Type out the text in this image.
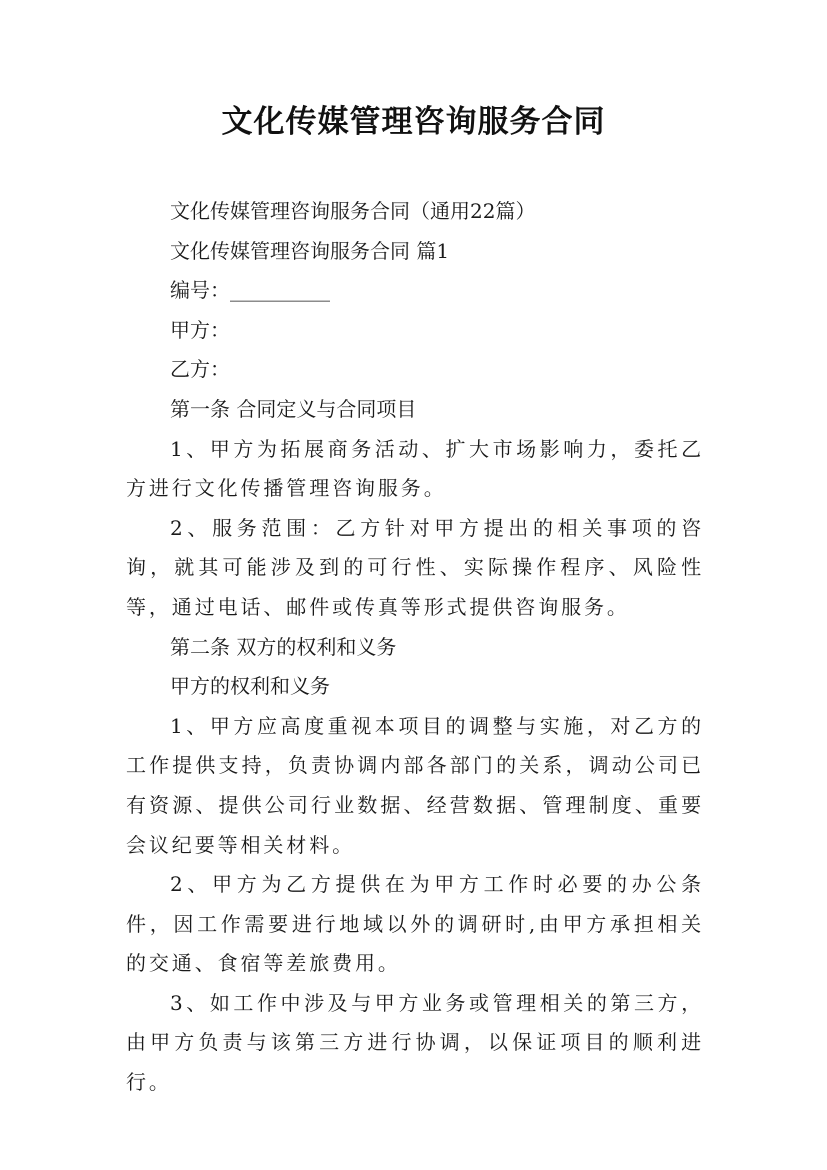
文化传媒管理咨询服务合同

文化传媒管理咨询服务合同（通用22篇）

文化传媒管理咨询服务合同 篇1

编号：__________

甲方：

乙方：

第一条 合同定义与合同项目

1、甲方为拓展商务活动、扩大市场影响力，委托乙方进行文化传播管理咨询服务。

2、服务范围：乙方针对甲方提出的相关事项的咨询，就其可能涉及到的可行性、实际操作程序、风险性等，通过电话、邮件或传真等形式提供咨询服务。

第二条 双方的权利和义务

甲方的权利和义务

1、甲方应高度重视本项目的调整与实施，对乙方的工作提供支持，负责协调内部各部门的关系，调动公司已有资源、提供公司行业数据、经营数据、管理制度、重要会议纪要等相关材料。

2、甲方为乙方提供在为甲方工作时必要的办公条件，因工作需要进行地域以外的调研时,由甲方承担相关的交通、食宿等差旅费用。

3、如工作中涉及与甲方业务或管理相关的第三方，由甲方负责与该第三方进行协调，以保证项目的顺利进行。
